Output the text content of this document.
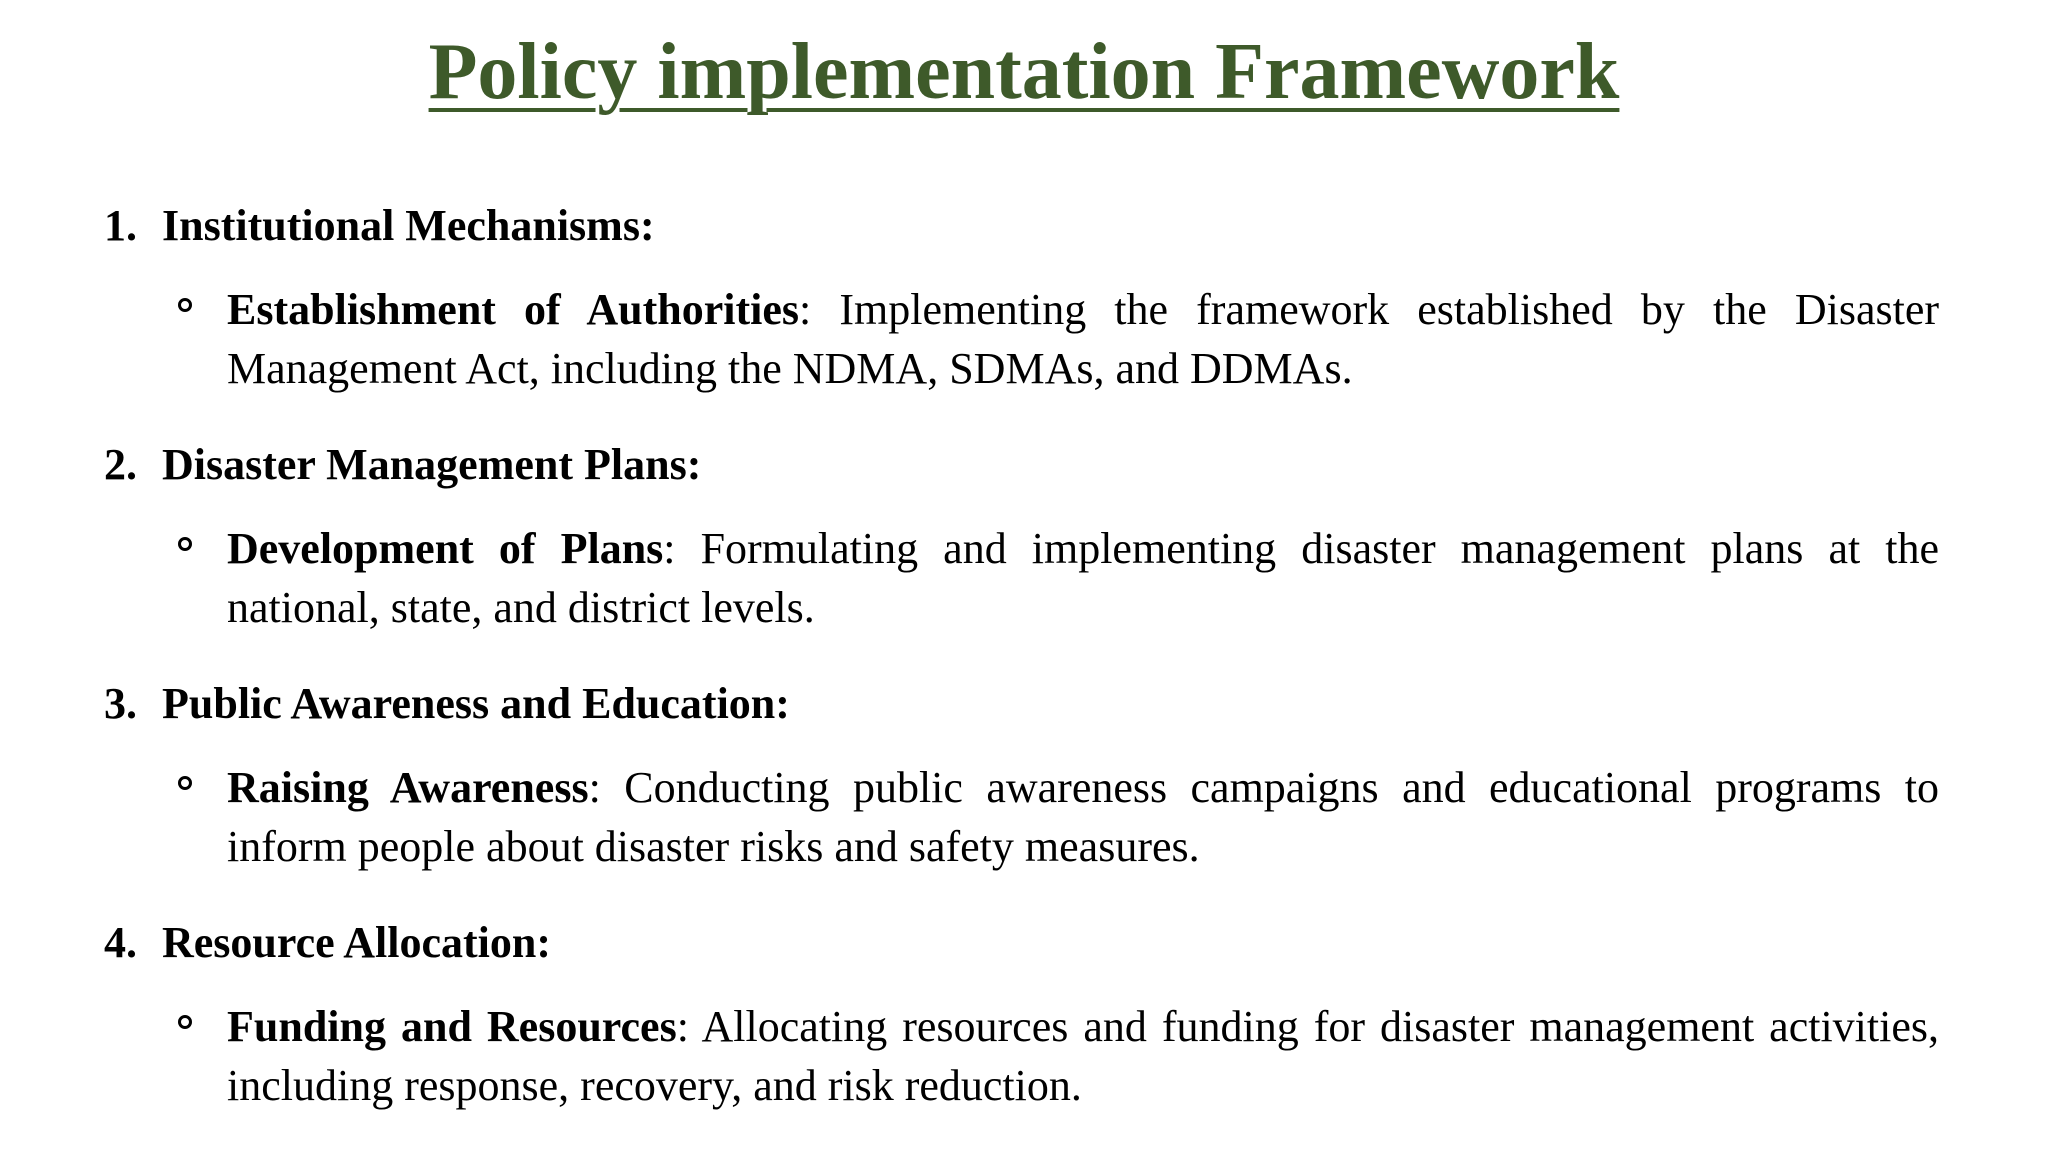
Policy implementation Framework

1. Institutional Mechanisms:

Establishment of Authorities: Implementing the framework established by the Disaster Management Act, including the NDMA, SDMAs, and DDMAs.

2. Disaster Management Plans:

Development of Plans: Formulating and implementing disaster management plans at the national, state, and district levels.

3. Public Awareness and Education:

Raising Awareness: Conducting public awareness campaigns and educational programs to inform people about disaster risks and safety measures.

4. Resource Allocation:

Funding and Resources: Allocating resources and funding for disaster management activities, including response, recovery, and risk reduction.
